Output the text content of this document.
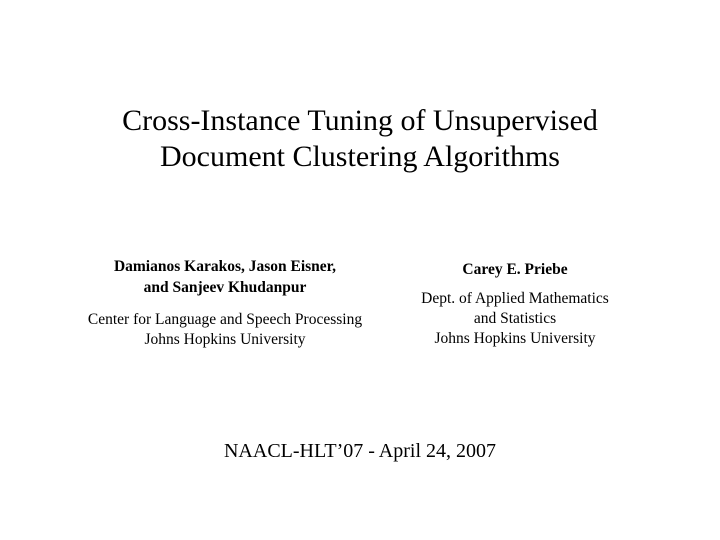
Cross-Instance Tuning of Unsupervised
Document Clustering Algorithms
Damianos Karakos, Jason Eisner,
and Sanjeev Khudanpur
Center for Language and Speech Processing
Johns Hopkins University
Carey E. Priebe
Dept. of Applied Mathematics
and Statistics
Johns Hopkins University
NAACL-HLT’07 - April 24, 2007
